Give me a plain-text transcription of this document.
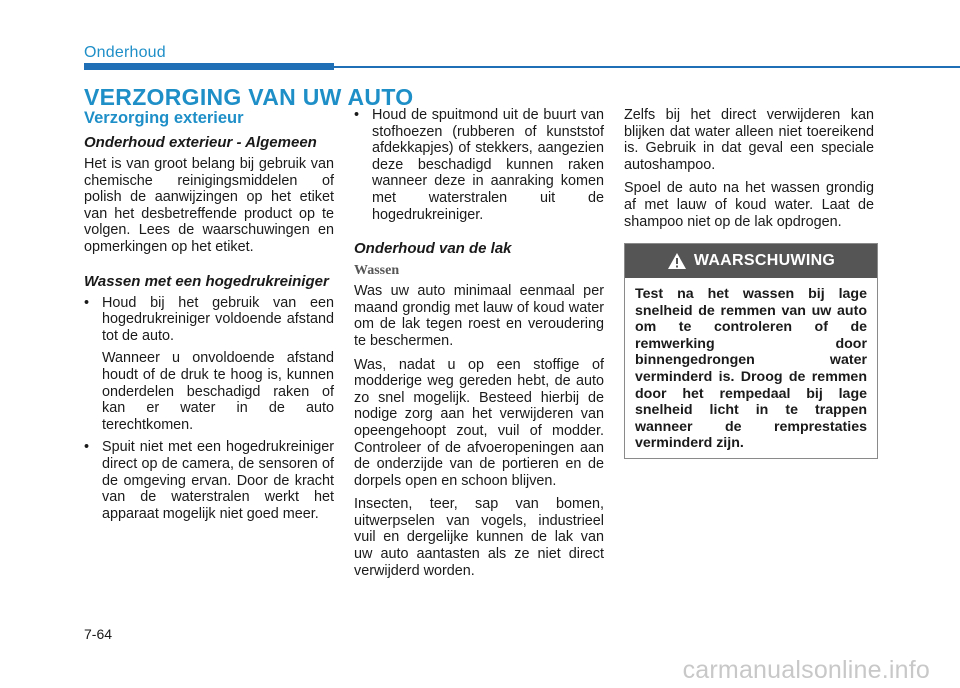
Onderhoud
VERZORGING VAN UW AUTO
Verzorging exterieur
Onderhoud exterieur - Algemeen

Het is van groot belang bij gebruik van chemische reinigingsmiddelen of polish de aanwijzingen op het etiket van het desbetreffende product op te volgen. Lees de waarschuwingen en opmerkingen op het etiket.

Wassen met een hogedrukreiniger
• Houd bij het gebruik van een hogedrukreiniger voldoende afstand tot de auto.

Wanneer u onvoldoende afstand houdt of de druk te hoog is, kunnen onderdelen beschadigd raken of kan er water in de auto terechtkomen.

• Spuit niet met een hogedrukreiniger direct op de camera, de sensoren of de omgeving ervan. Door de kracht van de waterstralen werkt het apparaat mogelijk niet goed meer.

• Houd de spuitmond uit de buurt van stofhoezen (rubberen of kunststof afdekkapjes) of stekkers, aangezien deze beschadigd kunnen raken wanneer deze in aanraking komen met waterstralen uit de hogedrukreiniger.

Onderhoud van de lak
Wassen

Was uw auto minimaal eenmaal per maand grondig met lauw of koud water om de lak tegen roest en veroudering te beschermen.

Was, nadat u op een stoffige of modderige weg gereden hebt, de auto zo snel mogelijk. Besteed hierbij de nodige zorg aan het verwijderen van opeengehoopt zout, vuil of modder. Controleer of de afvoeropeningen aan de onderzijde van de portieren en de dorpels open en schoon blijven.

Insecten, teer, sap van bomen, uitwerpselen van vogels, industrieel vuil en dergelijke kunnen de lak van uw auto aantasten als ze niet direct verwijderd worden.

Zelfs bij het direct verwijderen kan blijken dat water alleen niet toereikend is. Gebruik in dat geval een speciale autoshampoo.

Spoel de auto na het wassen grondig af met lauw of koud water. Laat de shampoo niet op de lak opdrogen.

WAARSCHUWING
Test na het wassen bij lage snelheid de remmen van uw auto om te controleren of de remwerking door binnengedrongen water verminderd is. Droog de remmen door het rempedaal bij lage snelheid licht in te trappen wanneer de remprestaties verminderd zijn.
7-64
carmanualsonline.info
